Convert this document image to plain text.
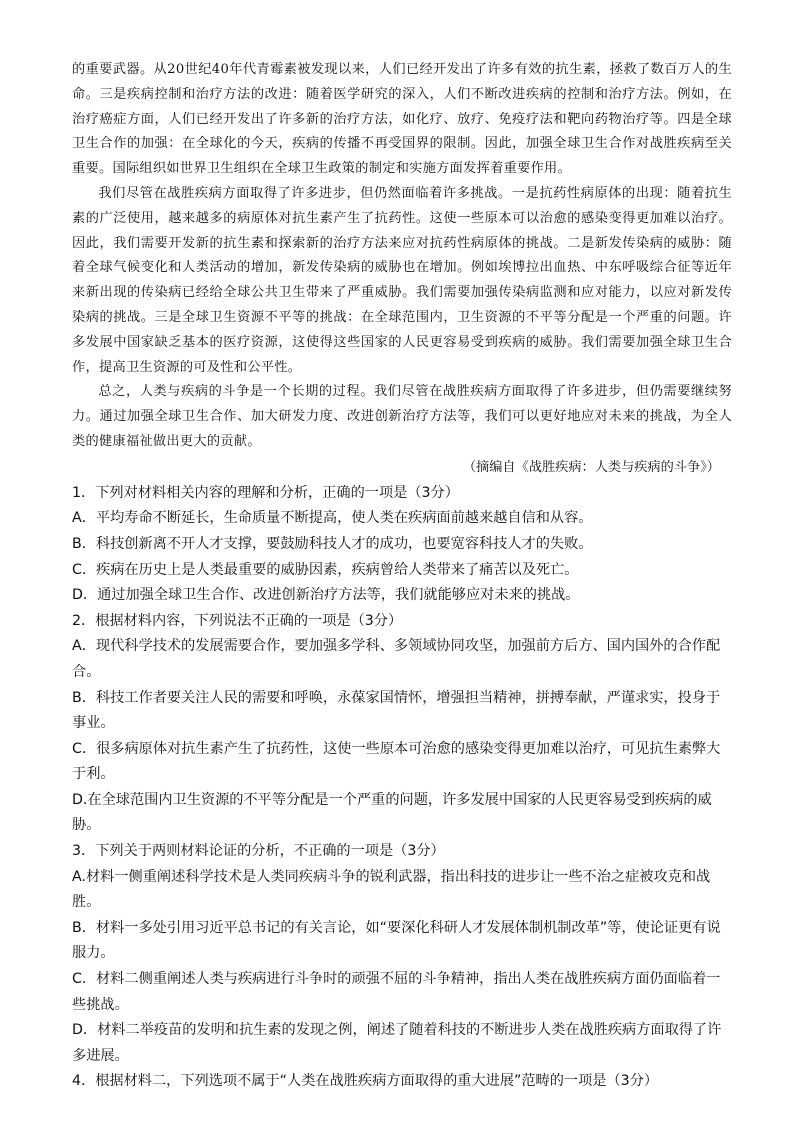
的重要武器。从20世纪40年代青霉素被发现以来，人们已经开发出了许多有效的抗生素，拯救了数百万人的生命。三是疾病控制和治疗方法的改进：随着医学研究的深入，人们不断改进疾病的控制和治疗方法。例如，在治疗癌症方面，人们已经开发出了许多新的治疗方法，如化疗、放疗、免疫疗法和靶向药物治疗等。四是全球卫生合作的加强：在全球化的今天，疾病的传播不再受国界的限制。因此，加强全球卫生合作对战胜疾病至关重要。国际组织如世界卫生组织在全球卫生政策的制定和实施方面发挥着重要作用。

我们尽管在战胜疾病方面取得了许多进步，但仍然面临着许多挑战。一是抗药性病原体的出现：随着抗生素的广泛使用，越来越多的病原体对抗生素产生了抗药性。这使一些原本可以治愈的感染变得更加难以治疗。因此，我们需要开发新的抗生素和探索新的治疗方法来应对抗药性病原体的挑战。二是新发传染病的威胁：随着全球气候变化和人类活动的增加，新发传染病的威胁也在增加。例如埃博拉出血热、中东呼吸综合征等近年来新出现的传染病已经给全球公共卫生带来了严重威胁。我们需要加强传染病监测和应对能力，以应对新发传染病的挑战。三是全球卫生资源不平等的挑战：在全球范围内，卫生资源的不平等分配是一个严重的问题。许多发展中国家缺乏基本的医疗资源，这使得这些国家的人民更容易受到疾病的威胁。我们需要加强全球卫生合作，提高卫生资源的可及性和公平性。

总之，人类与疾病的斗争是一个长期的过程。我们尽管在战胜疾病方面取得了许多进步，但仍需要继续努力。通过加强全球卫生合作、加大研发力度、改进创新治疗方法等，我们可以更好地应对未来的挑战，为全人类的健康福祉做出更大的贡献。

（摘编自《战胜疾病：人类与疾病的斗争》）
1．下列对材料相关内容的理解和分析，正确的一项是（3分）
A．平均寿命不断延长，生命质量不断提高，使人类在疾病面前越来越自信和从容。
B．科技创新离不开人才支撑，要鼓励科技人才的成功，也要宽容科技人才的失败。
C．疾病在历史上是人类最重要的威胁因素，疾病曾给人类带来了痛苦以及死亡。
D．通过加强全球卫生合作、改进创新治疗方法等，我们就能够应对未来的挑战。
2．根据材料内容，下列说法不正确的一项是（3分）
A．现代科学技术的发展需要合作，要加强多学科、多领域协同攻坚，加强前方后方、国内国外的合作配合。
B．科技工作者要关注人民的需要和呼唤，永葆家国情怀，增强担当精神，拼搏奉献，严谨求实，投身于事业。
C．很多病原体对抗生素产生了抗药性，这使一些原本可治愈的感染变得更加难以治疗，可见抗生素弊大于利。
D.在全球范围内卫生资源的不平等分配是一个严重的问题，许多发展中国家的人民更容易受到疾病的威胁。
3．下列关于两则材料论证的分析，不正确的一项是（3分）
A.材料一侧重阐述科学技术是人类同疾病斗争的锐利武器，指出科技的进步让一些不治之症被攻克和战胜。
B．材料一多处引用习近平总书记的有关言论，如“要深化科研人才发展体制机制改革”等，使论证更有说服力。
C．材料二侧重阐述人类与疾病进行斗争时的顽强不屈的斗争精神，指出人类在战胜疾病方面仍面临着一些挑战。
D．材料二举疫苗的发明和抗生素的发现之例，阐述了随着科技的不断进步人类在战胜疾病方面取得了许多进展。
4．根据材料二，下列选项不属于“人类在战胜疾病方面取得的重大进展”范畴的一项是（3分）
